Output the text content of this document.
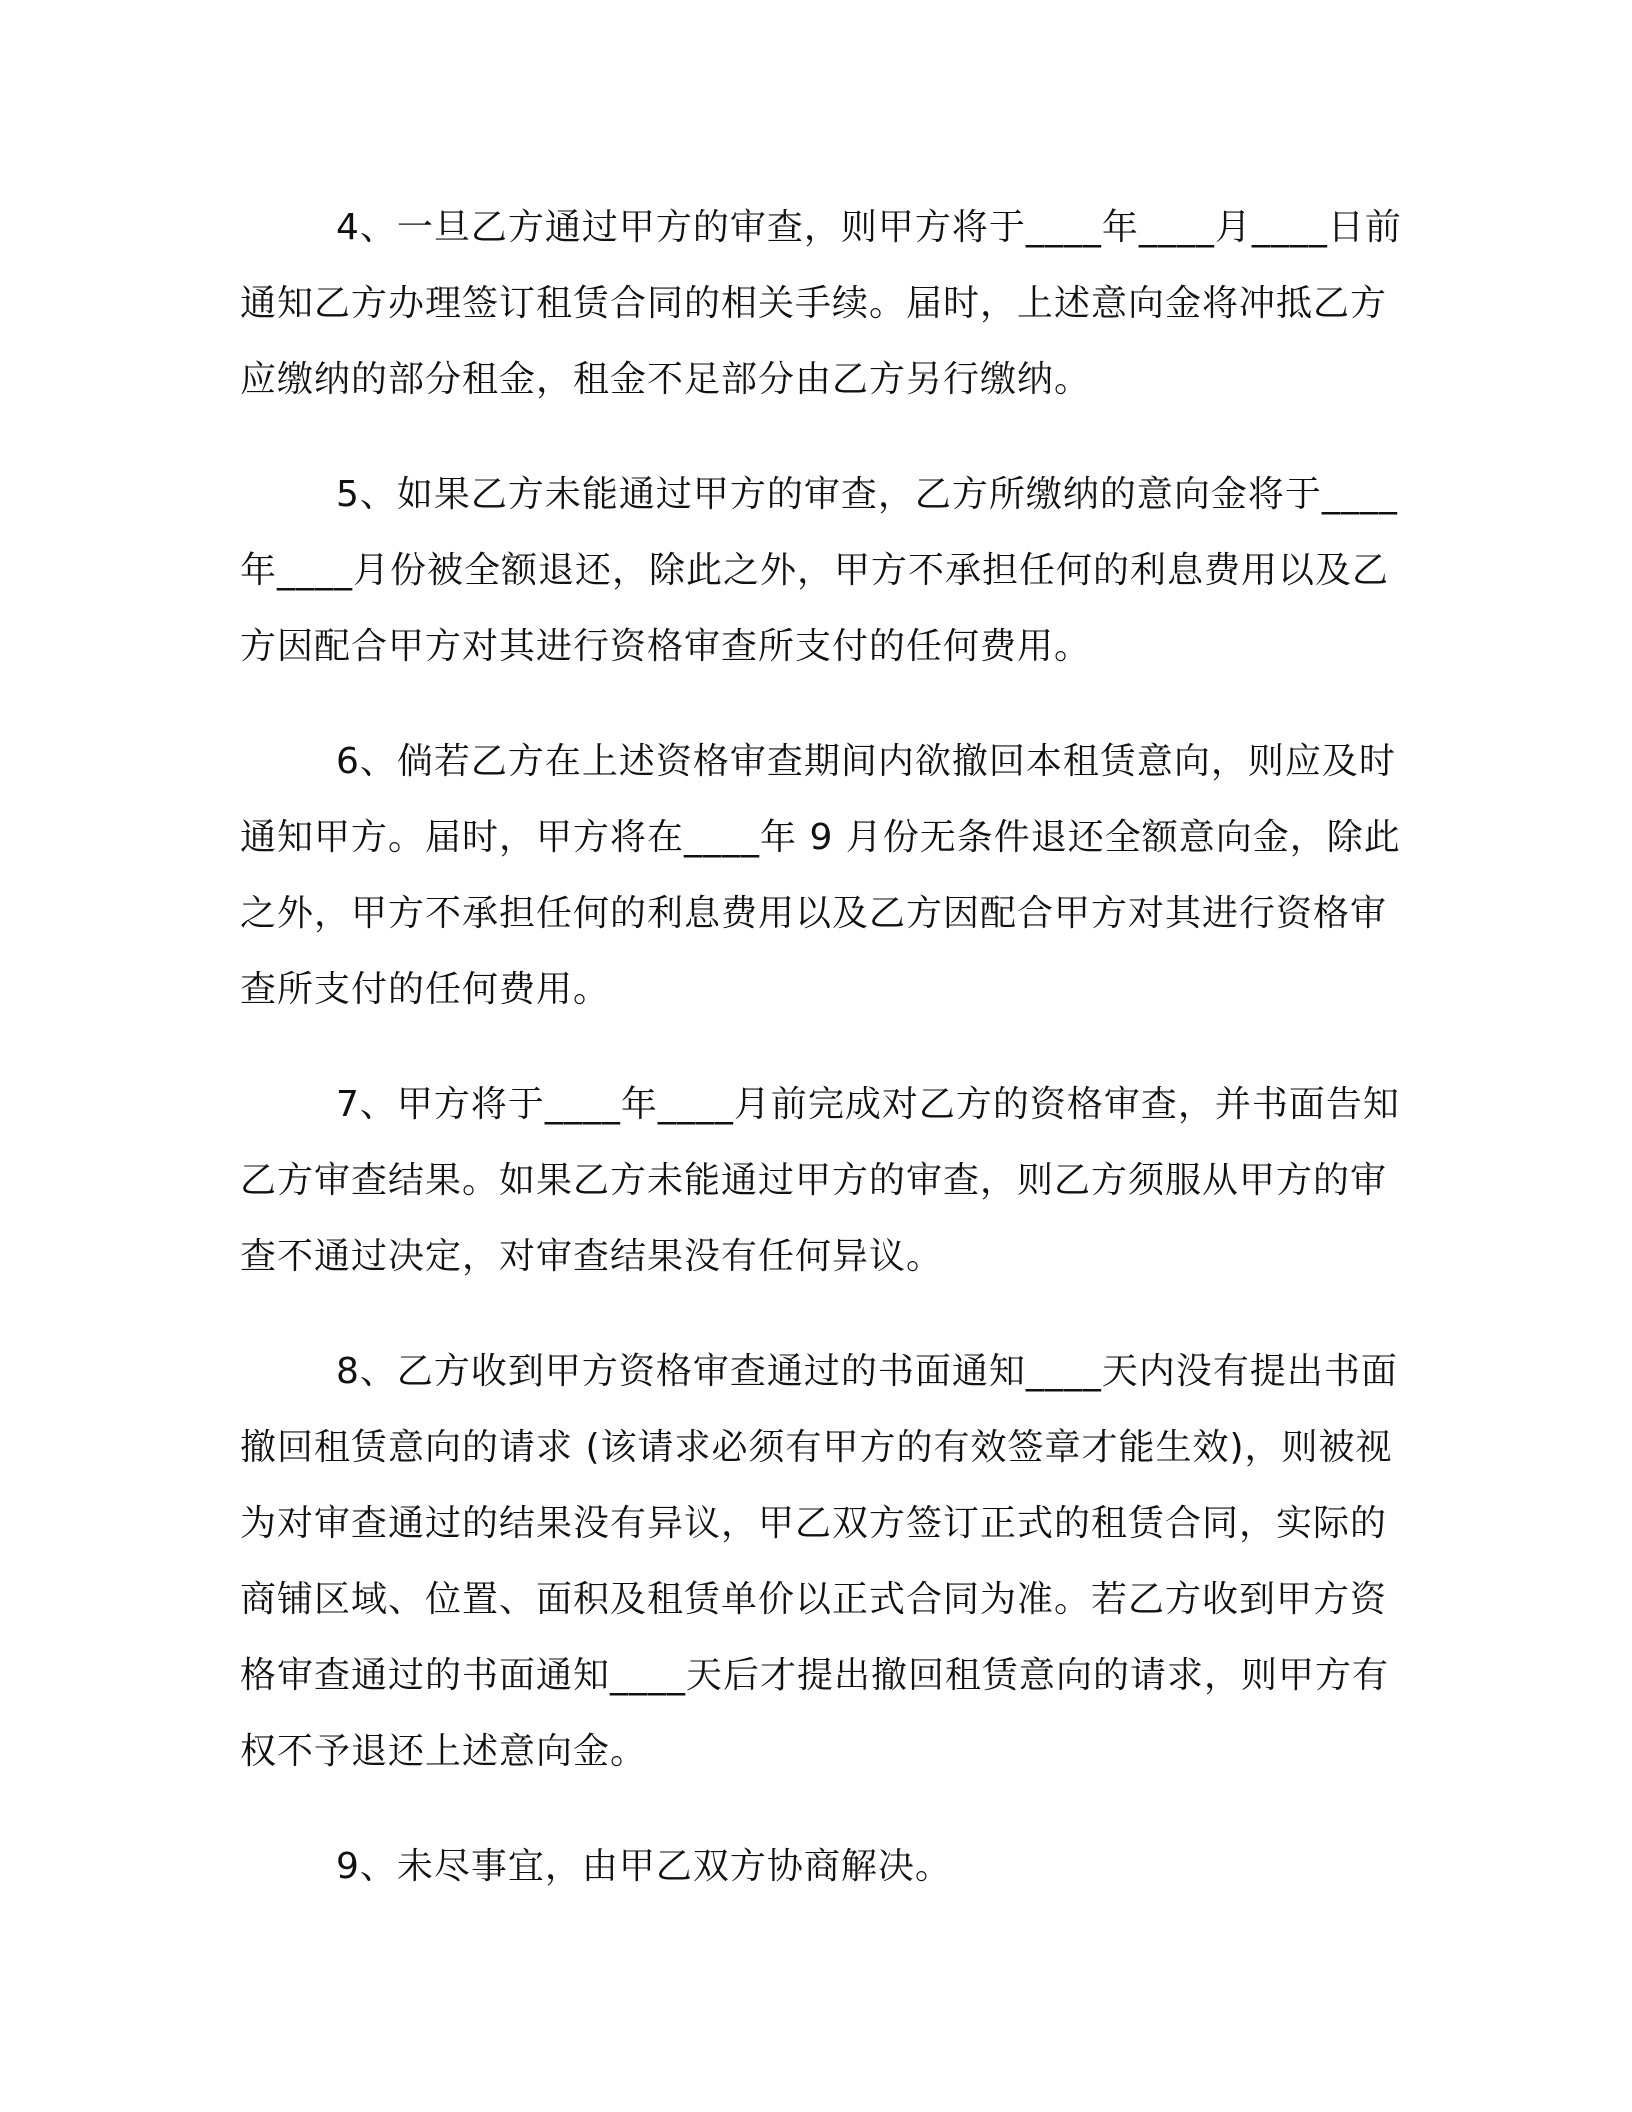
4、一旦乙方通过甲方的审查，则甲方将于____年____月____日前通知乙方办理签订租赁合同的相关手续。届时，上述意向金将冲抵乙方应缴纳的部分租金，租金不足部分由乙方另行缴纳。

5、如果乙方未能通过甲方的审查，乙方所缴纳的意向金将于____年____月份被全额退还，除此之外，甲方不承担任何的利息费用以及乙方因配合甲方对其进行资格审查所支付的任何费用。

6、倘若乙方在上述资格审查期间内欲撤回本租赁意向，则应及时通知甲方。届时，甲方将在____年 9 月份无条件退还全额意向金，除此之外，甲方不承担任何的利息费用以及乙方因配合甲方对其进行资格审查所支付的任何费用。

7、甲方将于____年____月前完成对乙方的资格审查，并书面告知乙方审查结果。如果乙方未能通过甲方的审查，则乙方须服从甲方的审查不通过决定，对审查结果没有任何异议。

8、乙方收到甲方资格审查通过的书面通知____天内没有提出书面撤回租赁意向的请求 (该请求必须有甲方的有效签章才能生效)，则被视为对审查通过的结果没有异议，甲乙双方签订正式的租赁合同，实际的商铺区域、位置、面积及租赁单价以正式合同为准。若乙方收到甲方资格审查通过的书面通知____天后才提出撤回租赁意向的请求，则甲方有权不予退还上述意向金。

9、未尽事宜，由甲乙双方协商解决。
